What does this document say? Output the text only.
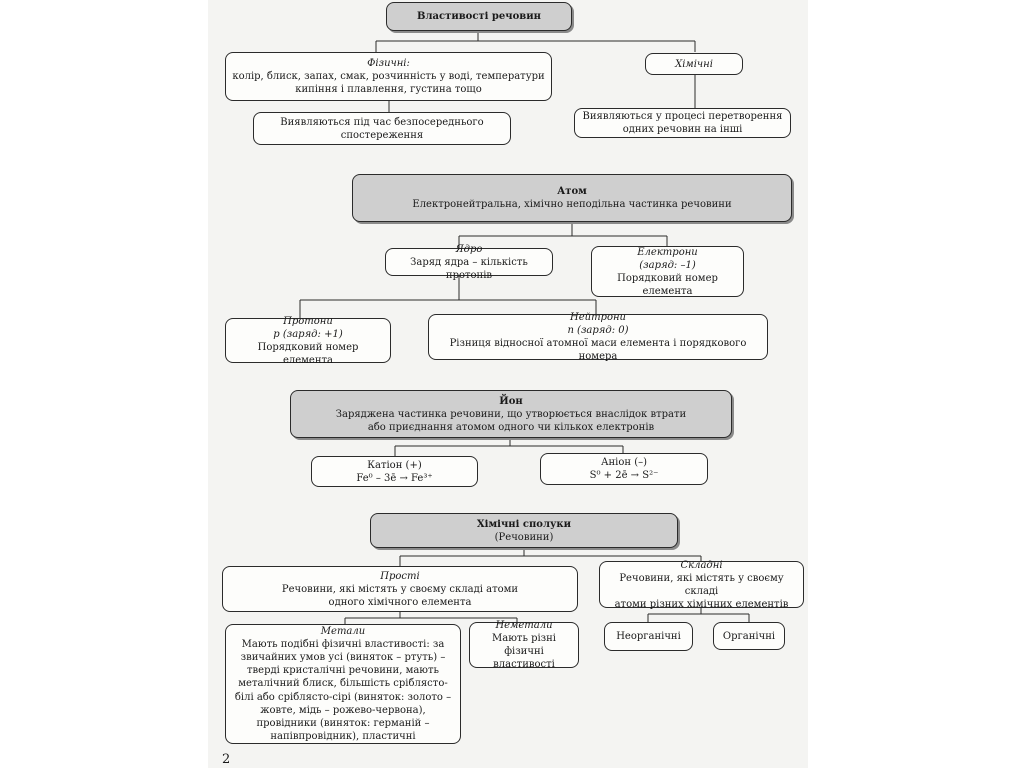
Властивості речовин
Фізичні:
колір, блиск, запах, смак, розчинність у воді, температури кипіння і плавлення, густина тощо
Хімічні
Виявляються під час безпосереднього спостереження
Виявляються у процесі перетворення одних речовин на інші
Атом
Електронейтральна, хімічно неподільна частинка речовини
Ядро
Заряд ядра – кількість протонів
Електрони
(заряд: –1)
Порядковий номер елемента
Протони
p (заряд: +1)
Порядковий номер елемента
Нейтрони
n (заряд: 0)
Різниця відносної атомної маси елемента і порядкового номера
Йон
Заряджена частинка речовини, що утворюється внаслідок втрати
або приєднання атомом одного чи кількох електронів
Катіон (+)
Fe⁰ – 3ē → Fe³⁺
Аніон (–)
S⁰ + 2ē → S²⁻
Хімічні сполуки
(Речовини)
Прості
Речовини, які містять у своєму складі атоми
одного хімічного елемента
Складні
Речовини, які містять у своєму складі
атоми різних хімічних елементів
Метали
Мають подібні фізичні властивості: за звичайних умов усі (виняток – ртуть) – тверді кристалічні речовини, мають металічний блиск, більшість сріблясто-білі або сріблясто-сірі (виняток: золото – жовте, мідь – рожево-червона), провідники (виняток: германій – напівпровідник), пластичні
Неметали
Мають різні фізичні властивості
Неорганічні	Органічні
2
